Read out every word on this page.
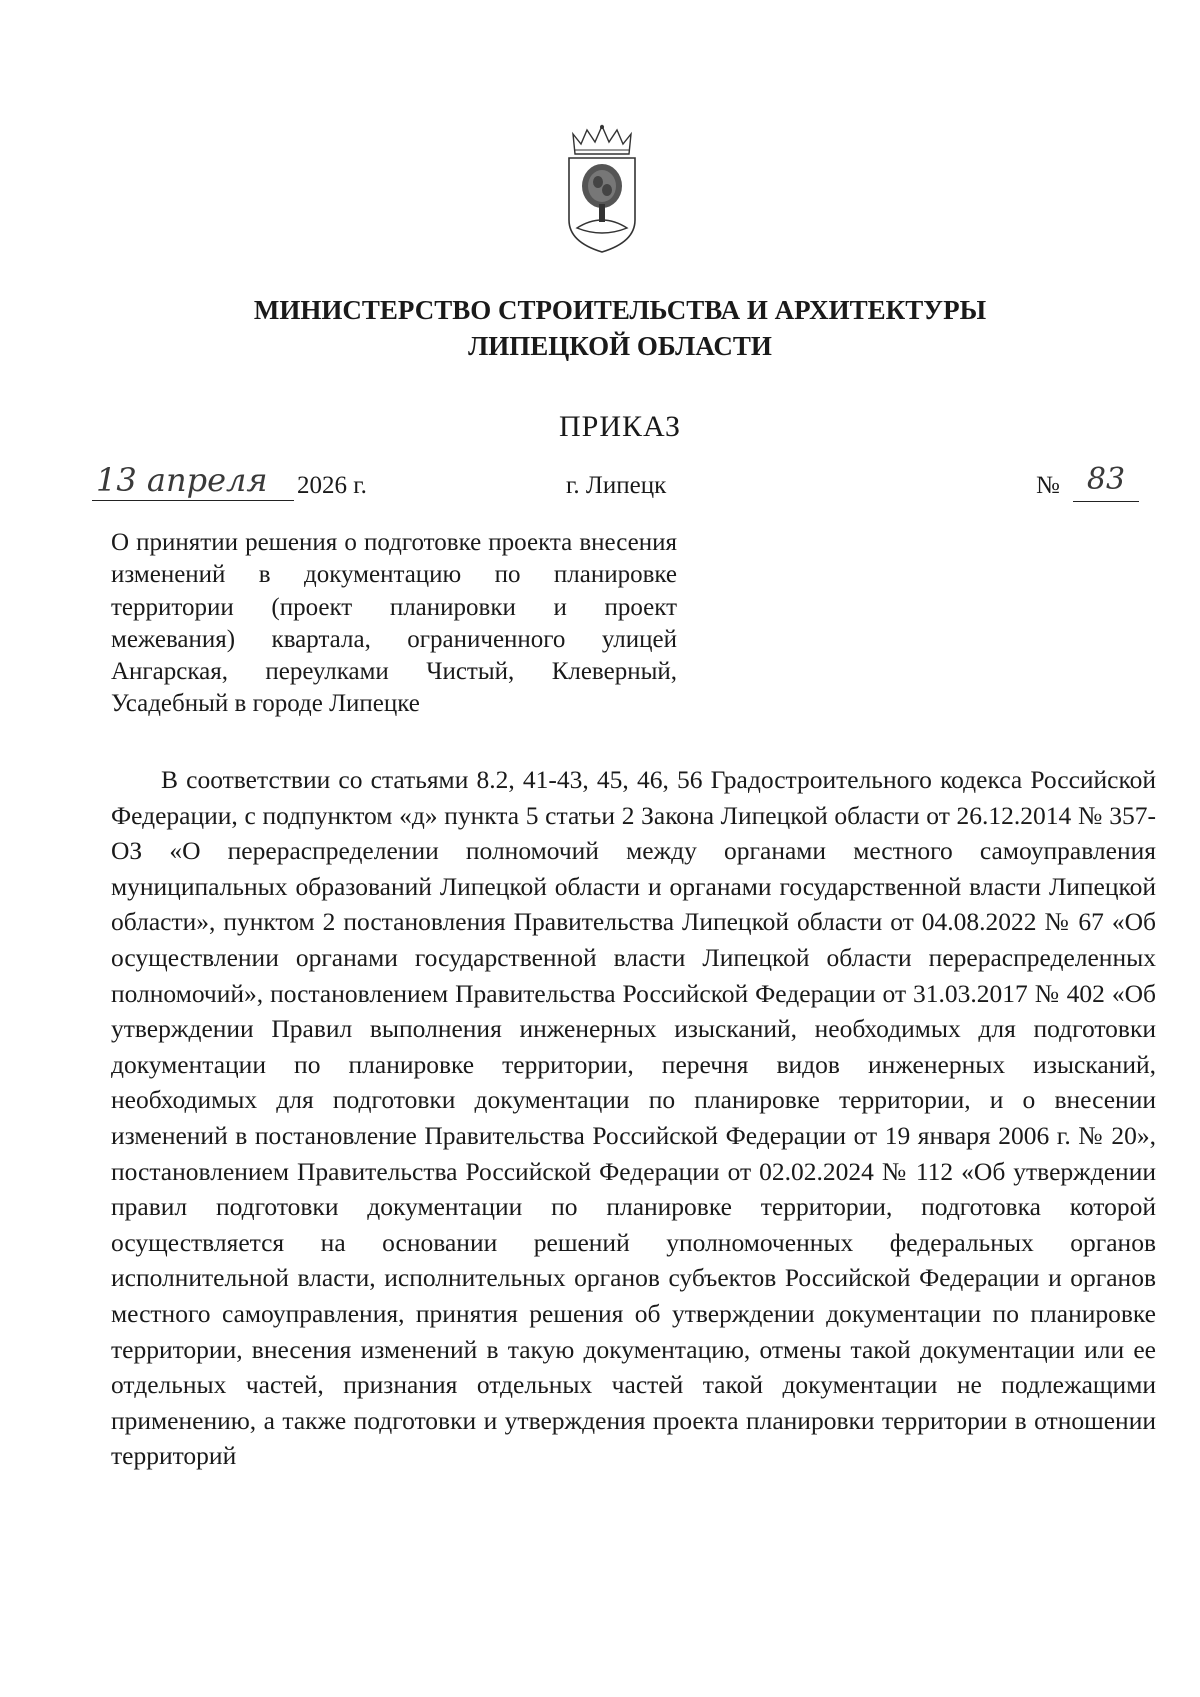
МИНИСТЕРСТВО СТРОИТЕЛЬСТВА И АРХИТЕКТУРЫ
ЛИПЕЦКОЙ ОБЛАСТИ
ПРИКАЗ
13 апреля	2026 г.	г. Липецк	№ 83
О принятии решения о подготовке проекта внесения изменений в документацию по планировке территории (проект планировки и проект межевания) квартала, ограниченного улицей Ангарская, переулками Чистый, Клеверный, Усадебный в городе Липецке
В соответствии со статьями 8.2, 41-43, 45, 46, 56 Градостроительного кодекса Российской Федерации, с подпунктом «д» пункта 5 статьи 2 Закона Липецкой области от 26.12.2014 № 357-ОЗ «О перераспределении полномочий между органами местного самоуправления муниципальных образований Липецкой области и органами государственной власти Липецкой области», пунктом 2 постановления Правительства Липецкой области от 04.08.2022 № 67 «Об осуществлении органами государственной власти Липецкой области перераспределенных полномочий», постановлением Правительства Российской Федерации от 31.03.2017 № 402 «Об утверждении Правил выполнения инженерных изысканий, необходимых для подготовки документации по планировке территории, перечня видов инженерных изысканий, необходимых для подготовки документации по планировке территории, и о внесении изменений в постановление Правительства Российской Федерации от 19 января 2006 г. № 20», постановлением Правительства Российской Федерации от 02.02.2024 № 112 «Об утверждении правил подготовки документации по планировке территории, подготовка которой осуществляется на основании решений уполномоченных федеральных органов исполнительной власти, исполнительных органов субъектов Российской Федерации и органов местного самоуправления, принятия решения об утверждении документации по планировке территории, внесения изменений в такую документацию, отмены такой документации или ее отдельных частей, признания отдельных частей такой документации не подлежащими применению, а также подготовки и утверждения проекта планировки территории в отношении территорий
